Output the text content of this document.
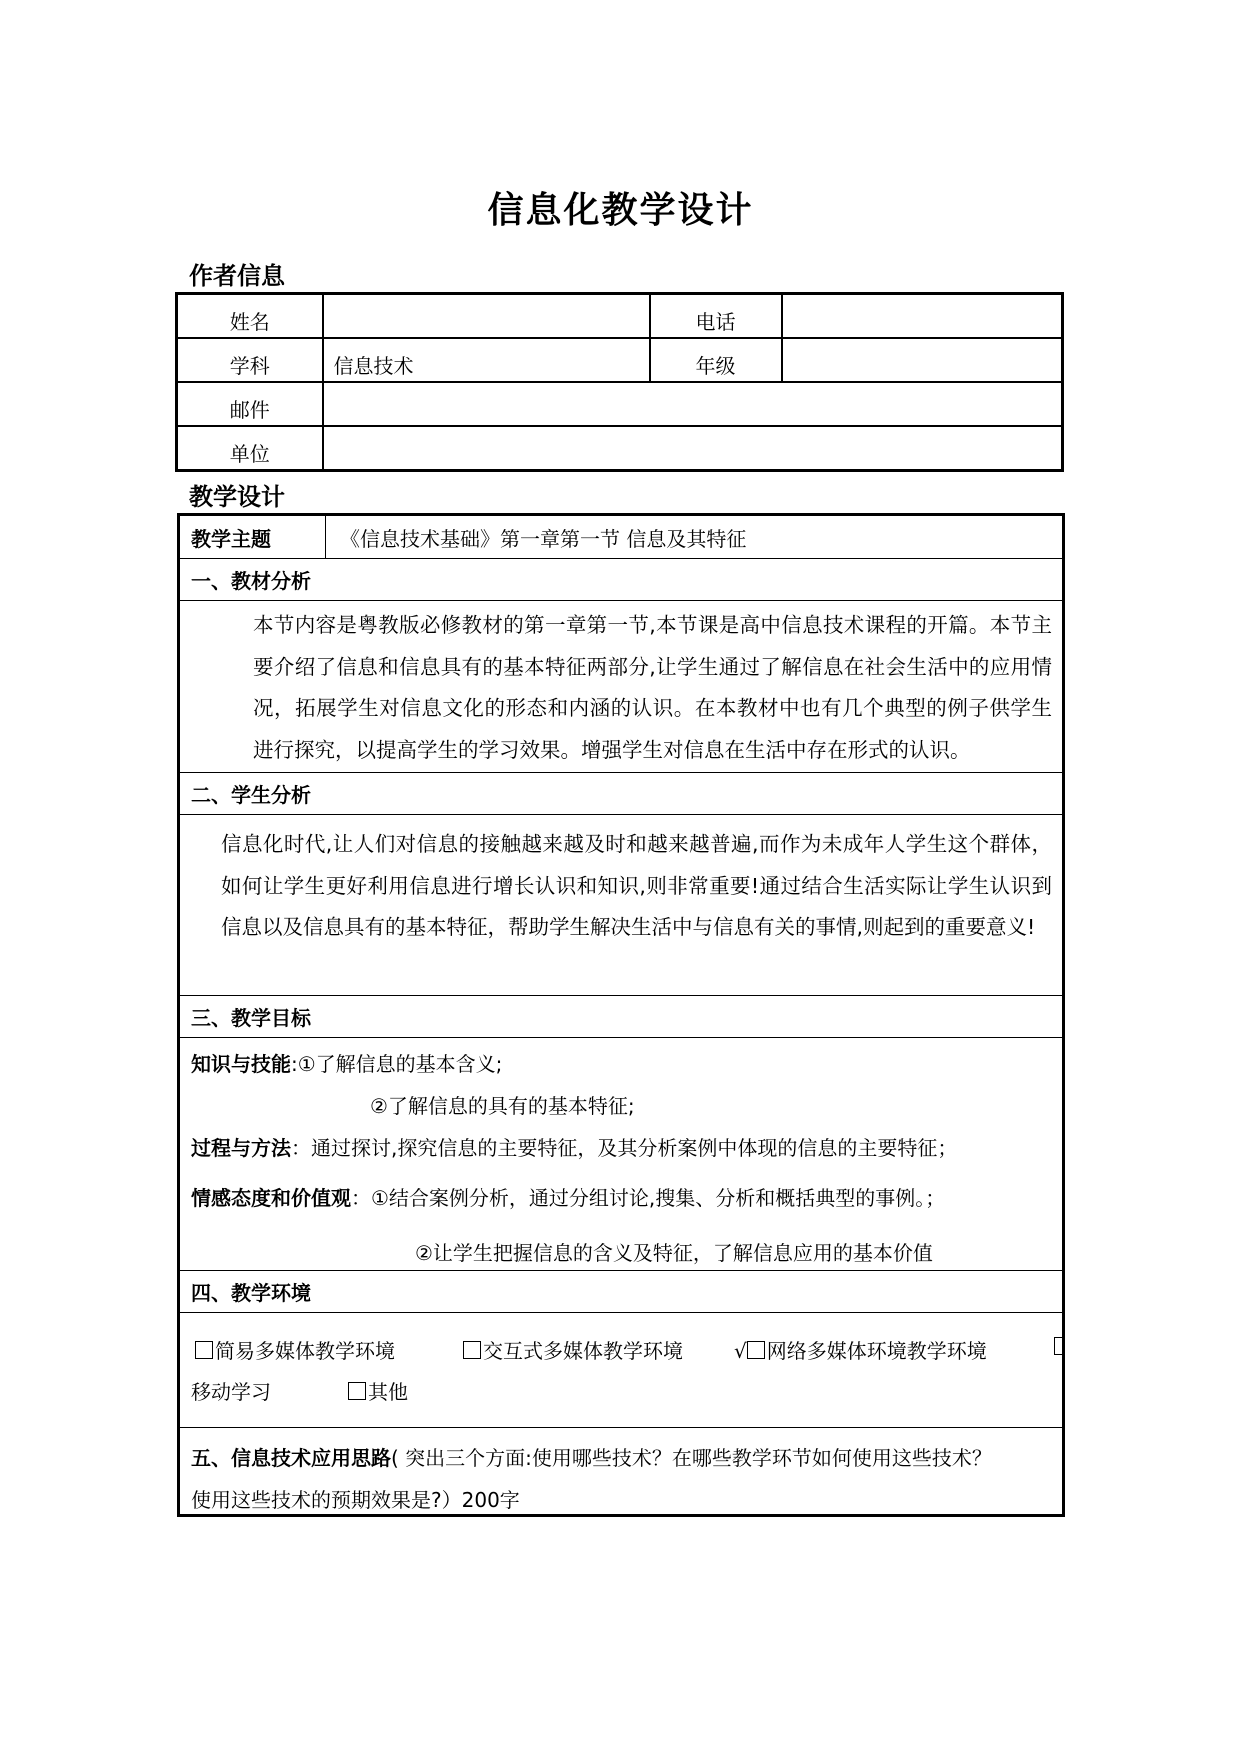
信息化教学设计
作者信息
姓名		电话	
学科	信息技术	年级	
邮件			
单位			
教学设计
教学主题	《信息技术基础》第一章第一节 信息及其特征
一、教材分析
本节内容是粤教版必修教材的第一章第一节,本节课是高中信息技术课程的开篇。本节主要介绍了信息和信息具有的基本特征两部分,让学生通过了解信息在社会生活中的应用情况，拓展学生对信息文化的形态和内涵的认识。在本教材中也有几个典型的例子供学生进行探究，以提高学生的学习效果。增强学生对信息在生活中存在形式的认识。
二、学生分析
信息化时代,让人们对信息的接触越来越及时和越来越普遍,而作为未成年人学生这个群体，如何让学生更好利用信息进行增长认识和知识,则非常重要!通过结合生活实际让学生认识到信息以及信息具有的基本特征，帮助学生解决生活中与信息有关的事情,则起到的重要意义!
三、教学目标
知识与技能:①了解信息的基本含义;
②了解信息的具有的基本特征;
过程与方法：通过探讨,探究信息的主要特征，及其分析案例中体现的信息的主要特征；
情感态度和价值观：①结合案例分析，通过分组讨论,搜集、分析和概括典型的事例。；
②让学生把握信息的含义及特征，了解信息应用的基本价值
四、教学环境
简易多媒体教学环境	交互式多媒体教学环境	√ 网络多媒体环境教学环境
移动学习	其他
五、信息技术应用思路( 突出三个方面:使用哪些技术？在哪些教学环节如何使用这些技术？
使用这些技术的预期效果是?）200字
